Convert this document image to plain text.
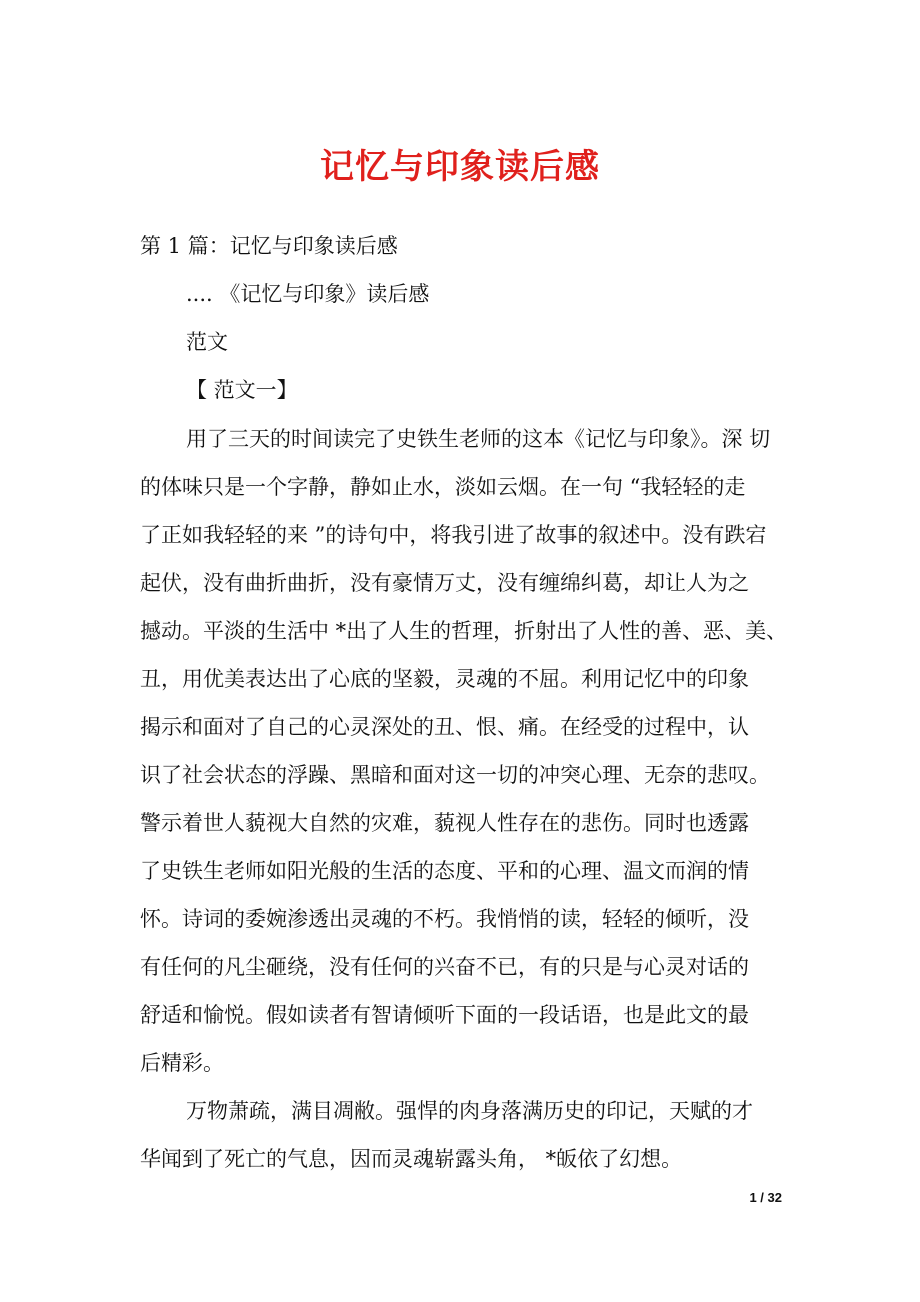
记忆与印象读后感
第 1 篇：记忆与印象读后感
.... 《记忆与印象》读后感
范文
【 范文一】
用了三天的时间读完了史铁生老师的这本《记忆与印象》。深 切
的体味只是一个字静，静如止水，淡如云烟。在一句 “我轻轻的走
了正如我轻轻的来 ”的诗句中，将我引进了故事的叙述中。没有跌宕
起伏，没有曲折曲折，没有豪情万丈，没有缠绵纠葛，却让人为之
撼动。平淡的生活中 *出了人生的哲理，折射出了人性的善、恶、美、
丑，用优美表达出了心底的坚毅，灵魂的不屈。利用记忆中的印象
揭示和面对了自己的心灵深处的丑、恨、痛。在经受的过程中，认
识了社会状态的浮躁、黑暗和面对这一切的冲突心理、无奈的悲叹。
警示着世人藐视大自然的灾难，藐视人性存在的悲伤。同时也透露
了史铁生老师如阳光般的生活的态度、平和的心理、温文而润的情
怀。诗词的委婉渗透出灵魂的不朽。我悄悄的读，轻轻的倾听，没
有任何的凡尘砸绕，没有任何的兴奋不已，有的只是与心灵对话的
舒适和愉悦。假如读者有智请倾听下面的一段话语，也是此文的最
后精彩。
万物萧疏，满目凋敝。强悍的肉身落满历史的印记，天赋的才
华闻到了死亡的气息，因而灵魂崭露头角， *皈依了幻想。
1 / 32
